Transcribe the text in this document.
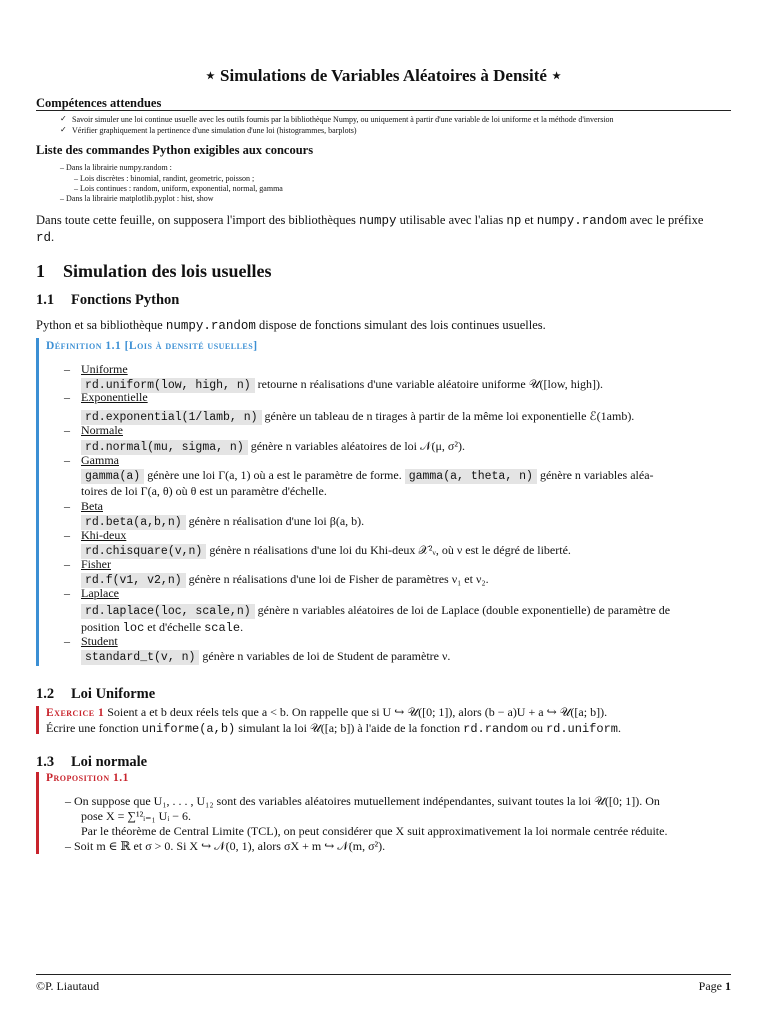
⋆ Simulations de Variables Aléatoires à Densité ⋆
Compétences attendues
✓ Savoir simuler une loi continue usuelle avec les outils fournis par la bibliothèque Numpy, ou uniquement à partir d'une variable de loi uniforme et la méthode d'inversion
✓ Vérifier graphiquement la pertinence d'une simulation d'une loi (histogrammes, barplots)
Liste des commandes Python exigibles aux concours
– Dans la librairie numpy.random :
– Lois discrètes : binomial, randint, geometric, poisson ;
– Lois continues : random, uniform, exponential, normal, gamma
– Dans la librairie matplotlib.pyplot : hist, show
Dans toute cette feuille, on supposera l'import des bibliothèques numpy utilisable avec l'alias np et numpy.random avec le préfixe
rd.
1 Simulation des lois usuelles
1.1 Fonctions Python
Python et sa bibliothèque numpy.random dispose de fonctions simulant des lois continues usuelles.
Définition 1.1 [Lois à densité usuelles]
– Uniforme
rd.uniform(low, high, n) retourne n réalisations d'une variable aléatoire uniforme 𝒰([low, high]).
– Exponentielle
rd.exponential(1/lamb, n) génère un tableau de n tirages à partir de la même loi exponentielle ℰ(1amb).
– Normale
rd.normal(mu, sigma, n) génère n variables aléatoires de loi 𝒩(μ, σ²).
– Gamma
gamma(a) génère une loi Γ(a, 1) où a est le paramètre de forme. gamma(a, theta, n) génère n variables aléa-
toires de loi Γ(a, θ) où θ est un paramètre d'échelle.
– Beta
rd.beta(a,b,n) génère n réalisation d'une loi β(a, b).
– Khi-deux
rd.chisquare(v,n) génère n réalisations d'une loi du Khi-deux 𝒳²ᵥ, où ν est le dégré de liberté.
– Fisher
rd.f(v1, v2,n) génère n réalisations d'une loi de Fisher de paramètres ν₁ et ν₂.
– Laplace
rd.laplace(loc, scale,n) génère n variables aléatoires de loi de Laplace (double exponentielle) de paramètre de
position loc et d'échelle scale.
– Student
standard_t(v, n) génère n variables de loi de Student de paramètre ν.
1.2 Loi Uniforme
Exercice 1 Soient a et b deux réels tels que a < b. On rappelle que si U ↪ 𝒰([0; 1]), alors (b − a)U + a ↪ 𝒰([a; b]).
Écrire une fonction uniforme(a,b) simulant la loi 𝒰([a; b]) à l'aide de la fonction rd.random ou rd.uniform.
1.3 Loi normale
Proposition 1.1
– On suppose que U₁, . . . , U₁₂ sont des variables aléatoires mutuellement indépendantes, suivant toutes la loi 𝒰([0; 1]). On
pose X = ∑¹²ᵢ₌₁ Uᵢ − 6.
Par le théorème de Central Limite (TCL), on peut considérer que X suit approximativement la loi normale centrée réduite.
– Soit m ∈ ℝ et σ > 0. Si X ↪ 𝒩(0, 1), alors σX + m ↪ 𝒩(m, σ²).
©P. Liautaud	Page 1
